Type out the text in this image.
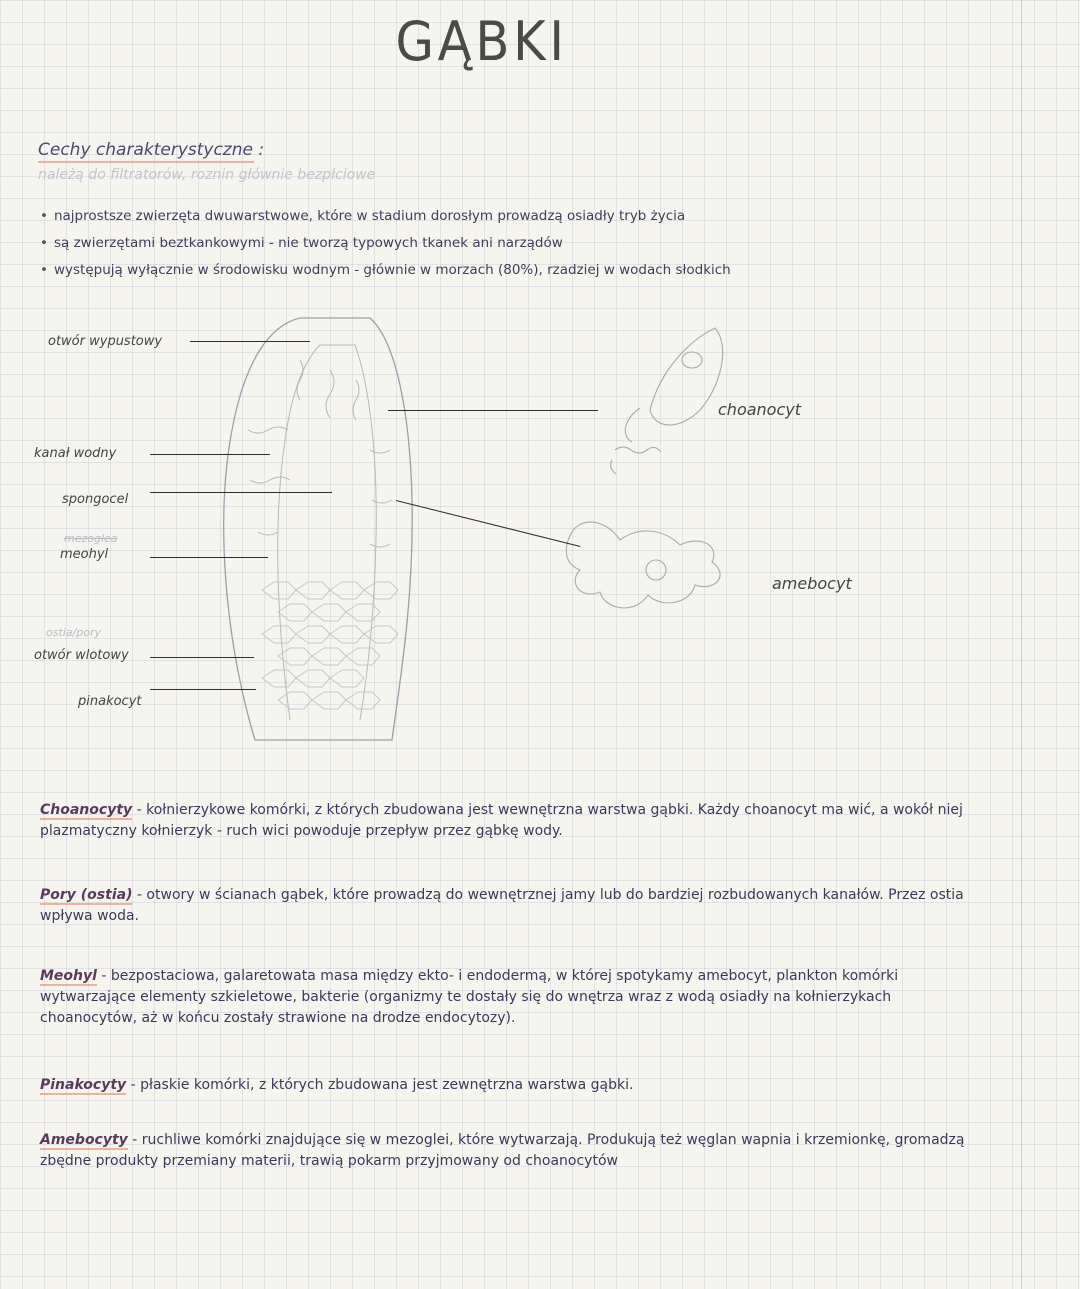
GĄBKI
Cechy charakterystyczne :
należą do filtratorów, roznin głównie bezpłciowe
• najprostsze zwierzęta dwuwarstwowe, które w stadium dorosłym prowadzą osiadły tryb życia
• są zwierzętami beztkankowymi - nie tworzą typowych tkanek ani narządów
• występują wyłącznie w środowisku wodnym - głównie w morzach (80%), rzadziej w wodach słodkich
otwór wypustowy
choanocyt
kanał wodny
spongocel
mezoglea
meohyl
amebocyt
ostia/pory
otwór wlotowy
pinakocyt
Choanocyty - kołnierzykowe komórki, z których zbudowana jest wewnętrzna warstwa gąbki. Każdy choanocyt ma wić, a wokół niej plazmatyczny kołnierzyk - ruch wici powoduje przepływ przez gąbkę wody.
Pory (ostia) - otwory w ścianach gąbek, które prowadzą do wewnętrznej jamy lub do bardziej rozbudowanych kanałów. Przez ostia wpływa woda.
Meohyl - bezpostaciowa, galaretowata masa między ekto- i endodermą, w której spotykamy amebocyt, plankton komórki wytwarzające elementy szkieletowe, bakterie (organizmy te dostały się do wnętrza wraz z wodą osiadły na kołnierzykach choanocytów, aż w końcu zostały strawione na drodze endocytozy).
Pinakocyty - płaskie komórki, z których zbudowana jest zewnętrzna warstwa gąbki.
Amebocyty - ruchliwe komórki znajdujące się w mezoglei, które wytwarzają. Produkują też węglan wapnia i krzemionkę, gromadzą zbędne produkty przemiany materii, trawią pokarm przyjmowany od choanocytów
